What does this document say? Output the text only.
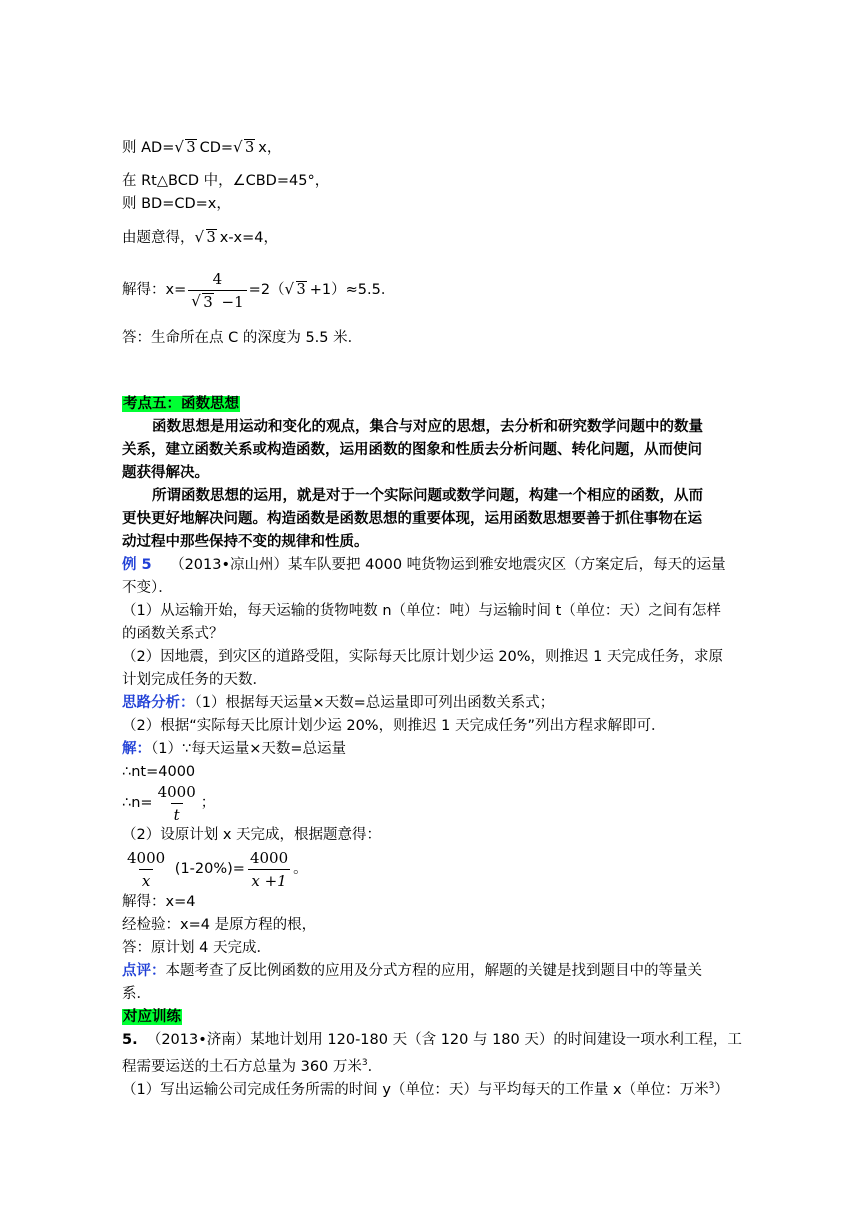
则 AD= √ 3 CD= √ 3 x，
在 Rt△BCD 中，∠CBD=45°，
则 BD=CD=x，
由题意得， √ 3 x-x=4，
解得：x= 4
√ 3 −1 =2（ √ 3 +1）≈5.5．
答：生命所在点 C 的深度为 5.5 米．
考点五：函数思想
函数思想是用运动和变化的观点，集合与对应的思想，去分析和研究数学问题中的数量
关系，建立函数关系或构造函数，运用函数的图象和性质去分析问题、转化问题，从而使问
题获得解决。
所谓函数思想的运用，就是对于一个实际问题或数学问题，构建一个相应的函数，从而
更快更好地解决问题。构造函数是函数思想的重要体现，运用函数思想要善于抓住事物在运
动过程中那些保持不变的规律和性质。
例 5 （2013•凉山州）某车队要把 4000 吨货物运到雅安地震灾区（方案定后，每天的运量
不变）．
（1）从运输开始，每天运输的货物吨数 n（单位：吨）与运输时间 t（单位：天）之间有怎样
的函数关系式？
（2）因地震，到灾区的道路受阻，实际每天比原计划少运 20%，则推迟 1 天完成任务，求原
计划完成任务的天数．
思路分析：（1）根据每天运量×天数=总运量即可列出函数关系式；
（2）根据“实际每天比原计划少运 20%，则推迟 1 天完成任务”列出方程求解即可．
解：（1）∵每天运量×天数=总运量
∴nt=4000
∴n= $\frac{4000}{t}$ ；
（2）设原计划 x 天完成，根据题意得：
$\frac{4000}{x} (1-20\%)= \frac{4000}{x +1}$ 。
解得：x=4
经检验：x=4 是原方程的根，
答：原计划 4 天完成．
点评：本题考查了反比例函数的应用及分式方程的应用，解题的关键是找到题目中的等量关
系．
对应训练
5. （2013•济南）某地计划用 120-180 天（含 120 与 180 天）的时间建设一项水利工程，工
程需要运送的土石方总量为 360 万米$^3$．
（1）写出运输公司完成任务所需的时间 y（单位：天）与平均每天的工作量 x（单位：万米$^3$）
